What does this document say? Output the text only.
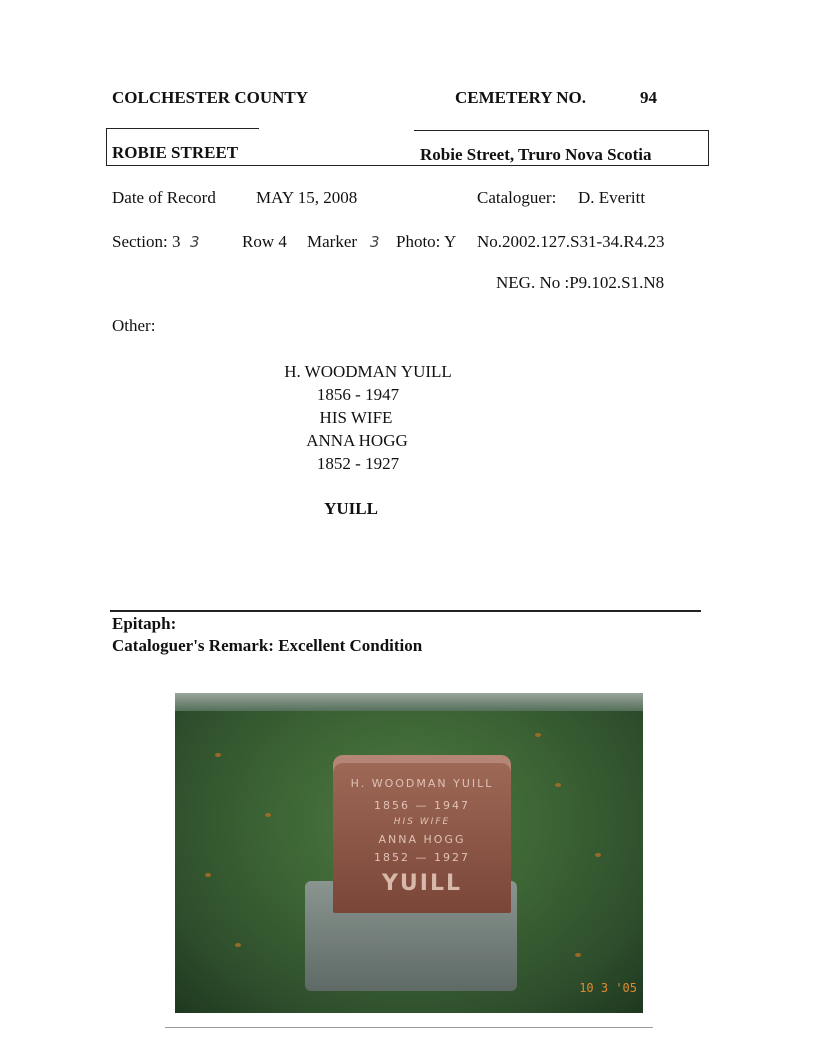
COLCHESTER COUNTY	CEMETERY NO.	94
ROBIE STREET	Robie Street, Truro Nova Scotia
Date of Record MAY 15, 2008	Cataloguer: D. Everitt
Section: 3 3 Row 4 Marker 3 Photo: Y No.2002.127.S31-34.R4.23
NEG. No :P9.102.S1.N8
Other:
H. WOODMAN YUILL
1856 - 1947
HIS WIFE
ANNA HOGG
1852 - 1927
YUILL
Epitaph:
Cataloguer's Remark: Excellent Condition
H. WOODMAN YUILL
1856 — 1947
HIS WIFE
ANNA HOGG
1852 — 1927
YUILL
10 3 '05
